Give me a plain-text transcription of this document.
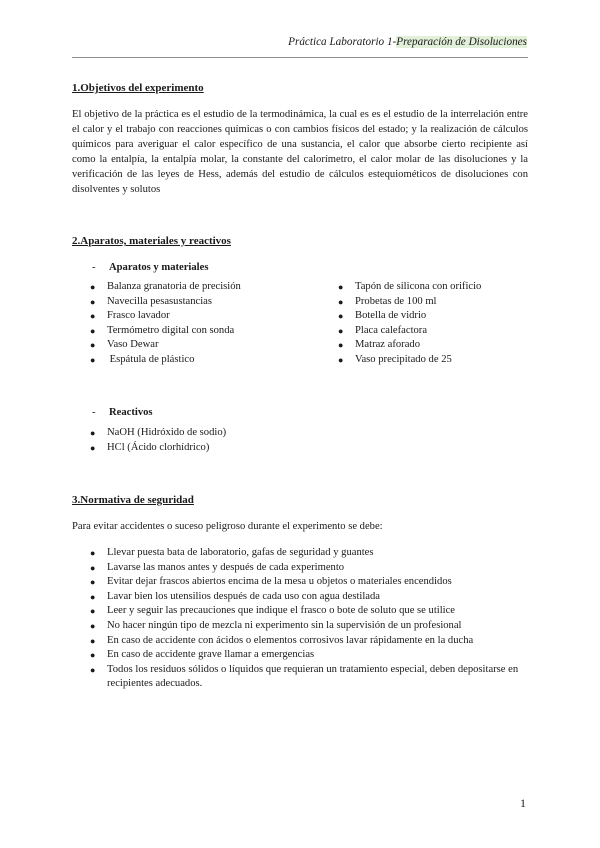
Práctica Laboratorio 1-Preparación de Disoluciones
1.Objetivos del experimento
El objetivo de la práctica es el estudio de la termodinámica, la cual es es el estudio de la interrelación entre el calor y el trabajo con reacciones químicas o con cambios físicos del estado; y la realización de cálculos químicos para averiguar el calor específico de una sustancia, el calor que absorbe cierto recipiente así como la entalpía, la entalpía molar, la constante del calorímetro, el calor molar de las disoluciones y la verificación de las leyes de Hess, además del estudio de cálculos estequiométicos de disoluciones con disolventes y solutos
2.Aparatos, materiales y reactivos
- Aparatos y materiales
● Balanza granatoria de precisión
● Navecilla pesasustancias
● Frasco lavador
● Termómetro digital con sonda
● Vaso Dewar
● Espátula de plástico
● Tapón de silicona con orificio
● Probetas de 100 ml
● Botella de vidrio
● Placa calefactora
● Matraz aforado
● Vaso precipitado de 25
- Reactivos
● NaOH (Hidróxido de sodio)
● HCl (Ácido clorhídrico)
3.Normativa de seguridad
Para evitar accidentes o suceso peligroso durante el experimento se debe:
● Llevar puesta bata de laboratorio, gafas de seguridad y guantes
● Lavarse las manos antes y después de cada experimento
● Evitar dejar frascos abiertos encima de la mesa u objetos o materiales encendidos
● Lavar bien los utensilios después de cada uso con agua destilada
● Leer y seguir las precauciones que indique el frasco o bote de soluto que se utilice
● No hacer ningún tipo de mezcla ni experimento sin la supervisión de un profesional
● En caso de accidente con ácidos o elementos corrosivos lavar rápidamente en la ducha
● En caso de accidente grave llamar a emergencias
● Todos los residuos sólidos o líquidos que requieran un tratamiento especial, deben depositarse en recipientes adecuados.
1
